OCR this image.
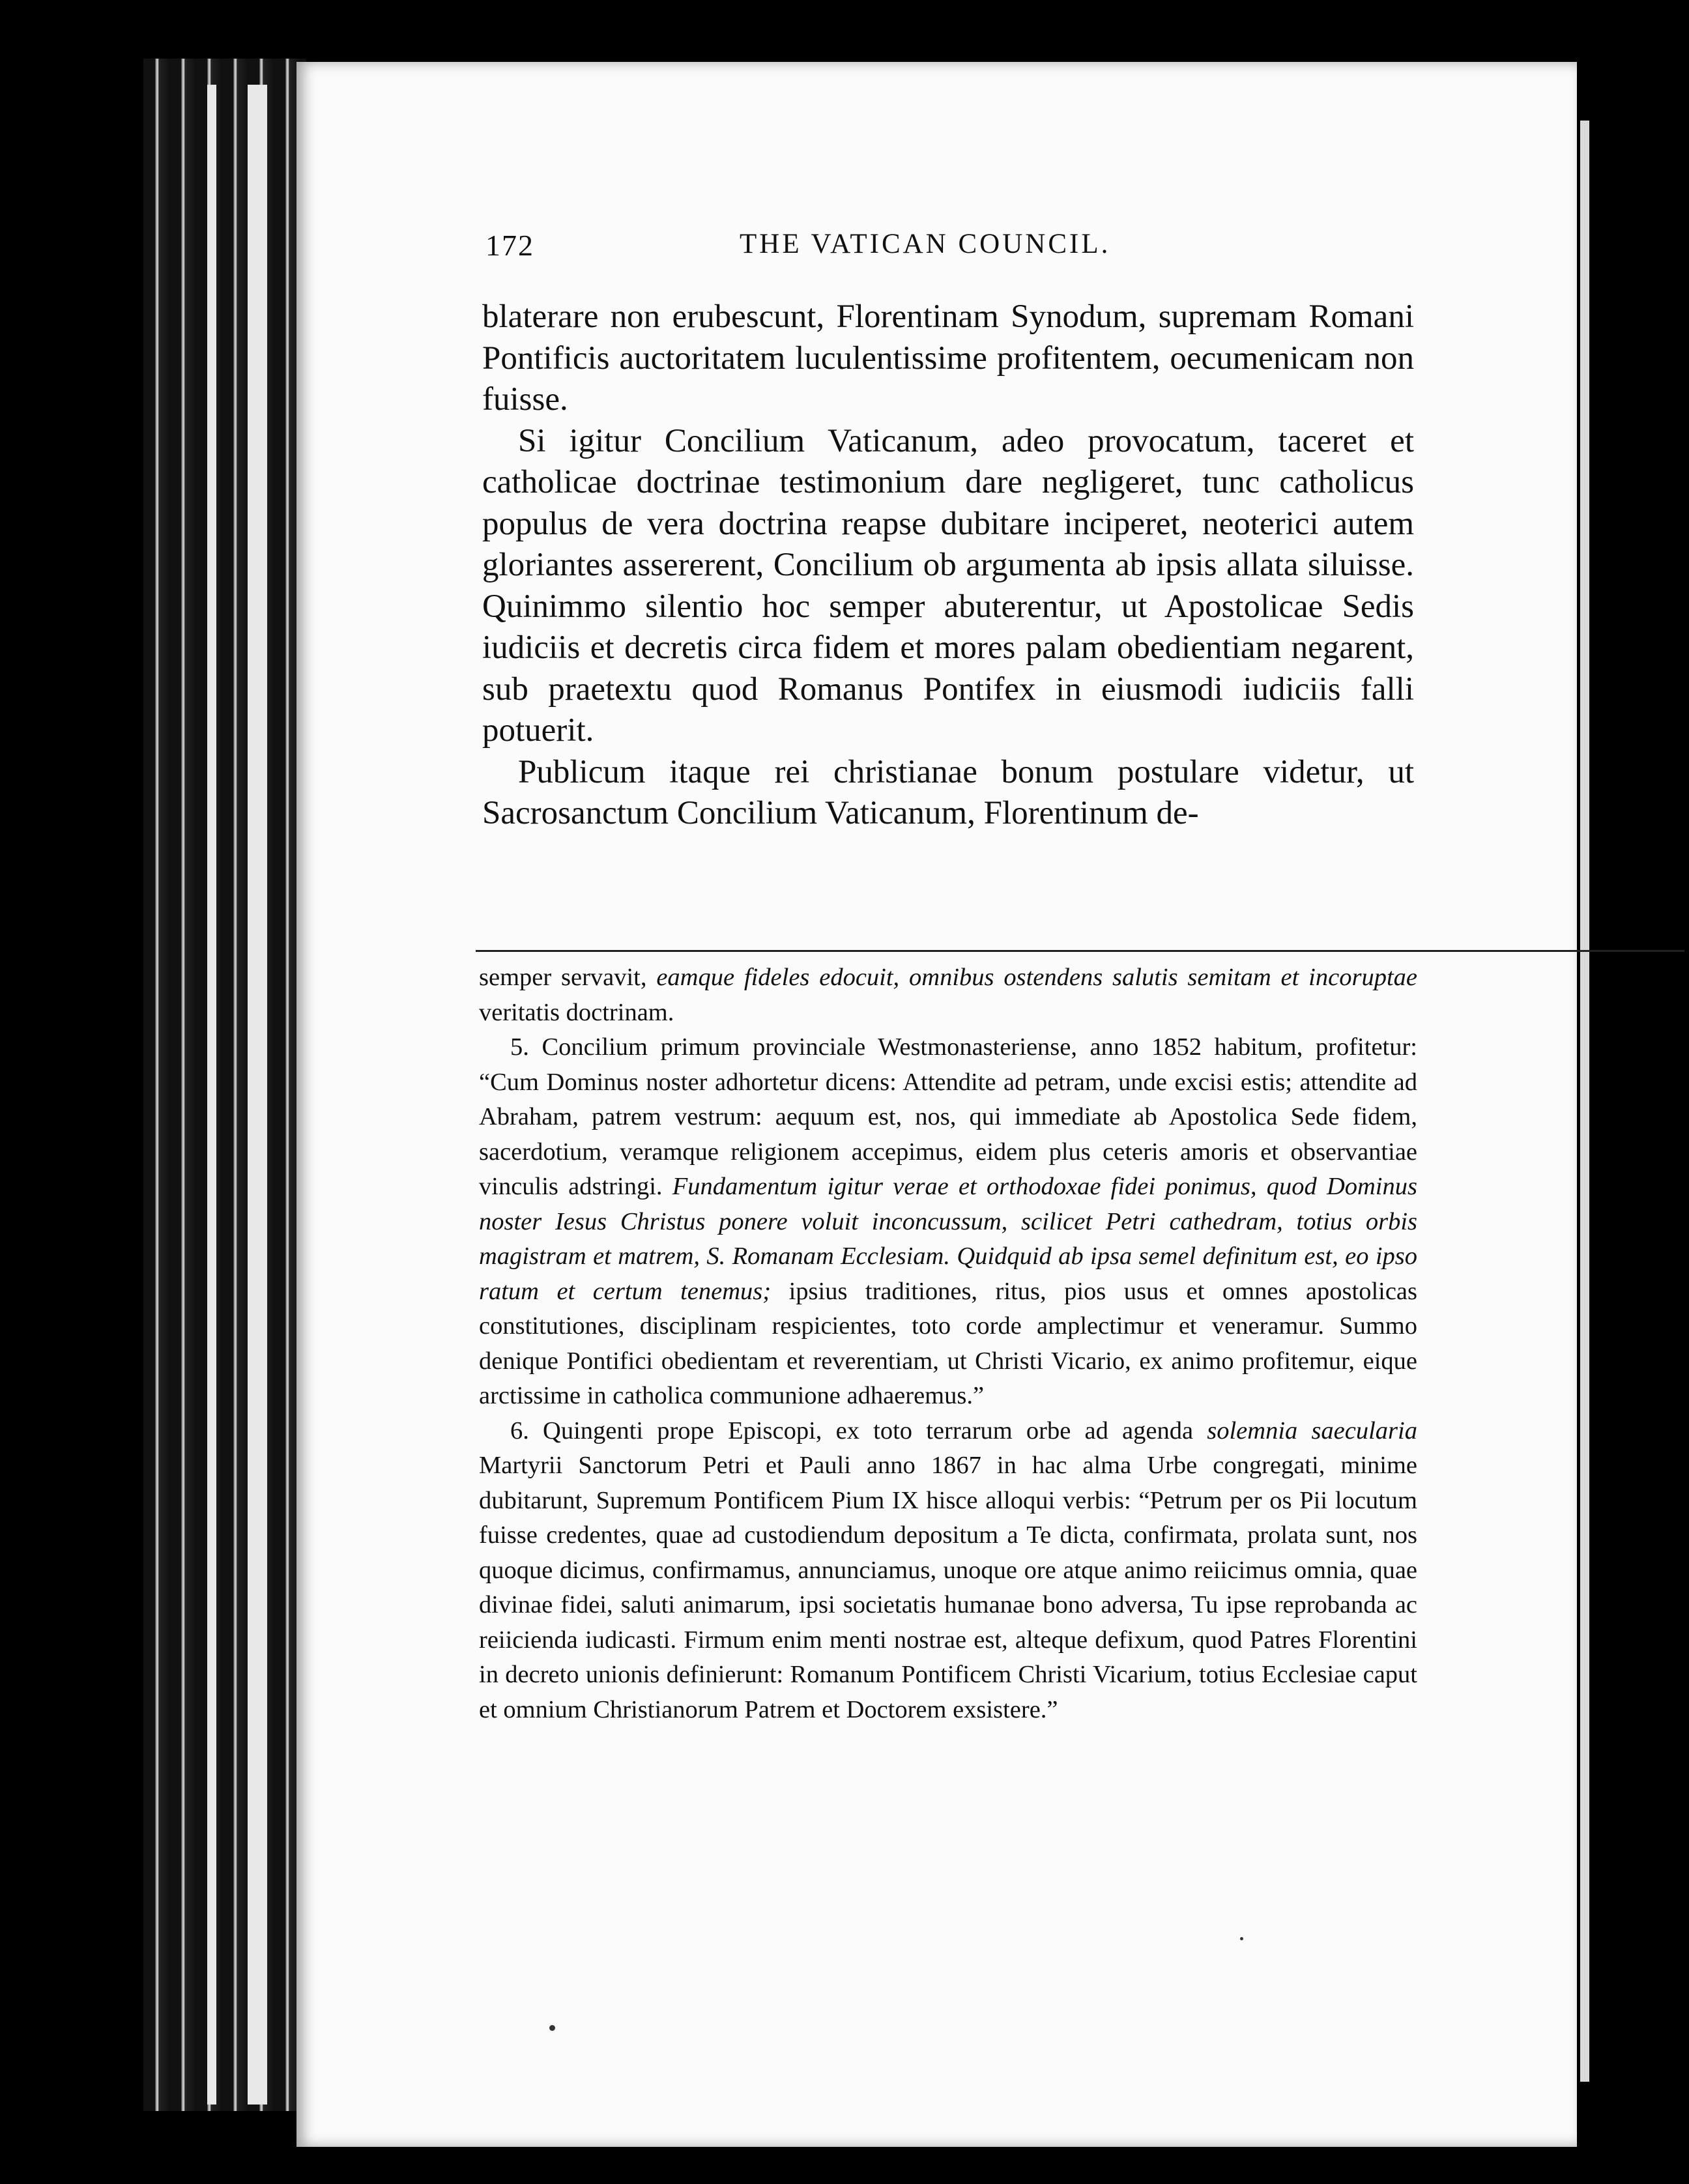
172	THE VATICAN COUNCIL.

blaterare non erubescunt, Florentinam Synodum, supremam Romani Pontificis auctoritatem luculentissime profitentem, oecumenicam non fuisse.

Si igitur Concilium Vaticanum, adeo provocatum, taceret et catholicae doctrinae testimonium dare negligeret, tunc catholicus populus de vera doctrina reapse dubitare inciperet, neoterici autem gloriantes assererent, Concilium ob argumenta ab ipsis allata siluisse. Quinimmo silentio hoc semper abuterentur, ut Apostolicae Sedis iudiciis et decretis circa fidem et mores palam obedientiam negarent, sub praetextu quod Romanus Pontifex in eiusmodi iudiciis falli potuerit.

Publicum itaque rei christianae bonum postulare videtur, ut Sacrosanctum Concilium Vaticanum, Florentinum de-

semper servavit, eamque fideles edocuit, omnibus ostendens salutis semitam et incoruptae veritatis doctrinam.

5. Concilium primum provinciale Westmonasteriense, anno 1852 habitum, profitetur: “Cum Dominus noster adhortetur dicens: Attendite ad petram, unde excisi estis; attendite ad Abraham, patrem vestrum: aequum est, nos, qui immediate ab Apostolica Sede fidem, sacerdotium, veramque religionem accepimus, eidem plus ceteris amoris et observantiae vinculis adstringi. Fundamentum igitur verae et orthodoxae fidei ponimus, quod Dominus noster Iesus Christus ponere voluit inconcussum, scilicet Petri cathedram, totius orbis magistram et matrem, S. Romanam Ecclesiam. Quidquid ab ipsa semel definitum est, eo ipso ratum et certum tenemus; ipsius traditiones, ritus, pios usus et omnes apostolicas constitutiones, disciplinam respicientes, toto corde amplectimur et veneramur. Summo denique Pontifici obedientam et reverentiam, ut Christi Vicario, ex animo profitemur, eique arctissime in catholica communione adhaeremus.”

6. Quingenti prope Episcopi, ex toto terrarum orbe ad agenda solemnia saecularia Martyrii Sanctorum Petri et Pauli anno 1867 in hac alma Urbe congregati, minime dubitarunt, Supremum Pontificem Pium IX hisce alloqui verbis: “Petrum per os Pii locutum fuisse credentes, quae ad custodiendum depositum a Te dicta, confirmata, prolata sunt, nos quoque dicimus, confirmamus, annunciamus, unoque ore atque animo reiicimus omnia, quae divinae fidei, saluti animarum, ipsi societatis humanae bono adversa, Tu ipse reprobanda ac reiicienda iudicasti. Firmum enim menti nostrae est, alteque defixum, quod Patres Florentini in decreto unionis definierunt: Romanum Pontificem Christi Vicarium, totius Ecclesiae caput et omnium Christianorum Patrem et Doctorem exsistere.”
